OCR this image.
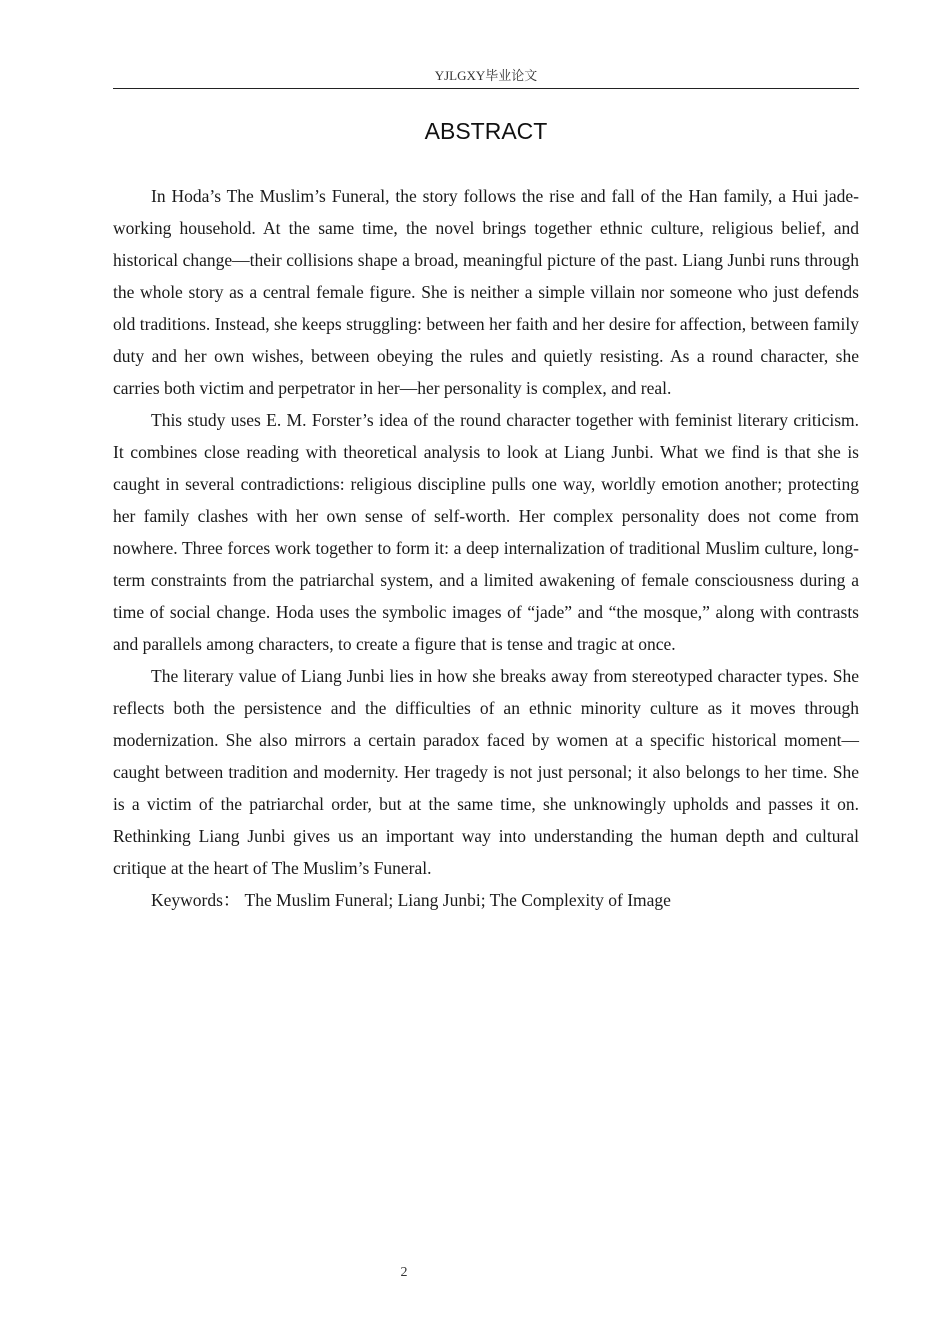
YJLGXY毕业论文
ABSTRACT

In Hoda’s The Muslim’s Funeral, the story follows the rise and fall of the Han family, a Hui jade-working household. At the same time, the novel brings together ethnic culture, religious belief, and historical change—their collisions shape a broad, meaningful picture of the past. Liang Junbi runs through the whole story as a central female figure. She is neither a simple villain nor someone who just defends old traditions. Instead, she keeps struggling: between her faith and her desire for affection, between family duty and her own wishes, between obeying the rules and quietly resisting. As a round character, she carries both victim and perpetrator in her—her personality is complex, and real.

This study uses E. M. Forster’s idea of the round character together with feminist literary criticism. It combines close reading with theoretical analysis to look at Liang Junbi. What we find is that she is caught in several contradictions: religious discipline pulls one way, worldly emotion another; protecting her family clashes with her own sense of self-worth. Her complex personality does not come from nowhere. Three forces work together to form it: a deep internalization of traditional Muslim culture, long-term constraints from the patriarchal system, and a limited awakening of female consciousness during a time of social change. Hoda uses the symbolic images of “jade” and “the mosque,” along with contrasts and parallels among characters, to create a figure that is tense and tragic at once.

The literary value of Liang Junbi lies in how she breaks away from stereotyped character types. She reflects both the persistence and the difficulties of an ethnic minority culture as it moves through modernization. She also mirrors a certain paradox faced by women at a specific historical moment—caught between tradition and modernity. Her tragedy is not just personal; it also belongs to her time. She is a victim of the patriarchal order, but at the same time, she unknowingly upholds and passes it on. Rethinking Liang Junbi gives us an important way into understanding the human depth and cultural critique at the heart of The Muslim’s Funeral.

Keywords： The Muslim Funeral; Liang Junbi; The Complexity of Image

2
